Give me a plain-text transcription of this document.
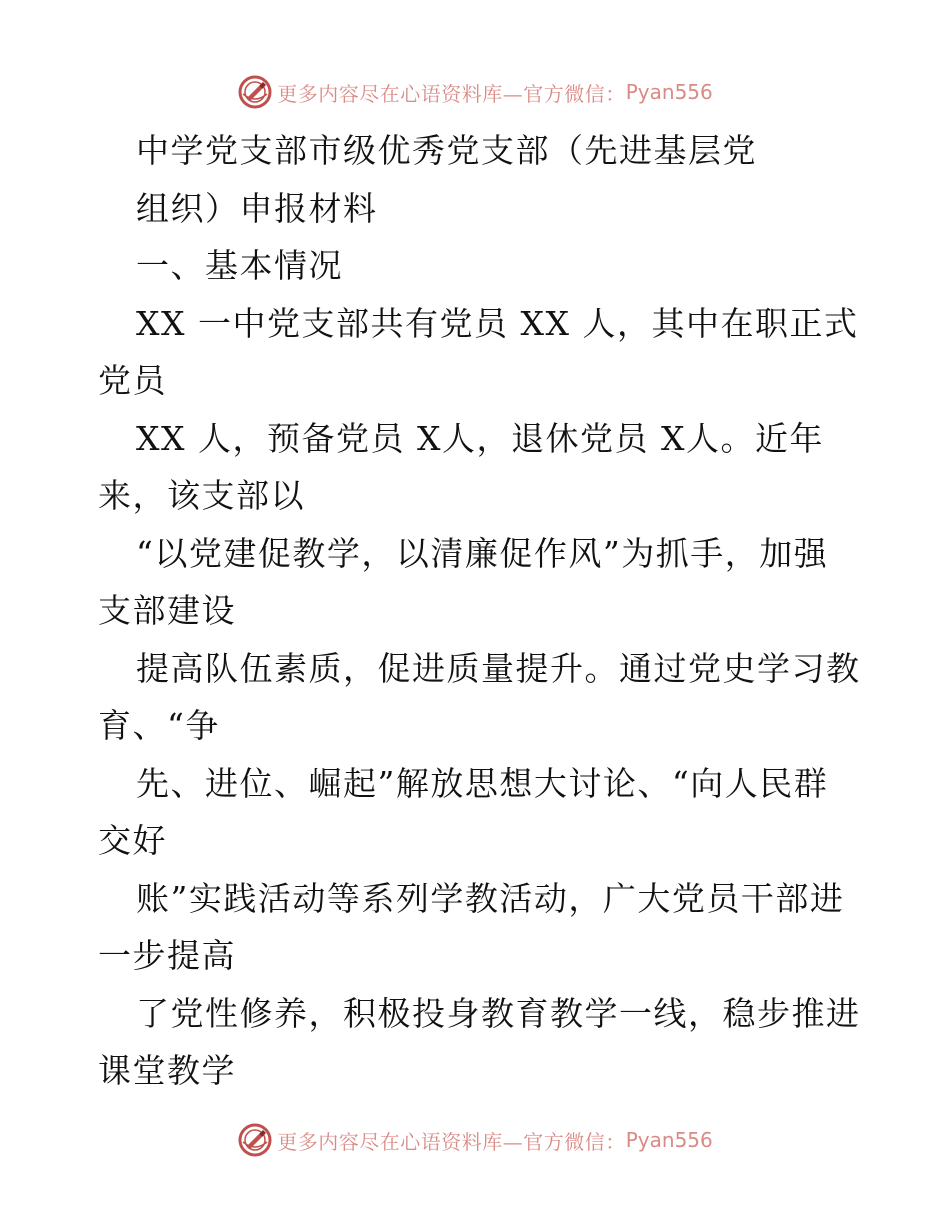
更多内容尽在心语资料库—官方微信： Pyan556
中学党支部市级优秀党支部（先进基层党
组织）申报材料
一、基本情况
XX 一中党支部共有党员 XX 人，其中在职正式
党员
XX 人，预备党员 X人，退休党员 X人。近年
来，该支部以
“以党建促教学，以清廉促作风”为抓手，加强
支部建设
提高队伍素质，促进质量提升。通过党史学习教
育、“争
先、进位、崛起”解放思想大讨论、“向人民群
交好
账”实践活动等系列学教活动，广大党员干部进
一步提高
了党性修养，积极投身教育教学一线，稳步推进
课堂教学
更多内容尽在心语资料库—官方微信： Pyan556
